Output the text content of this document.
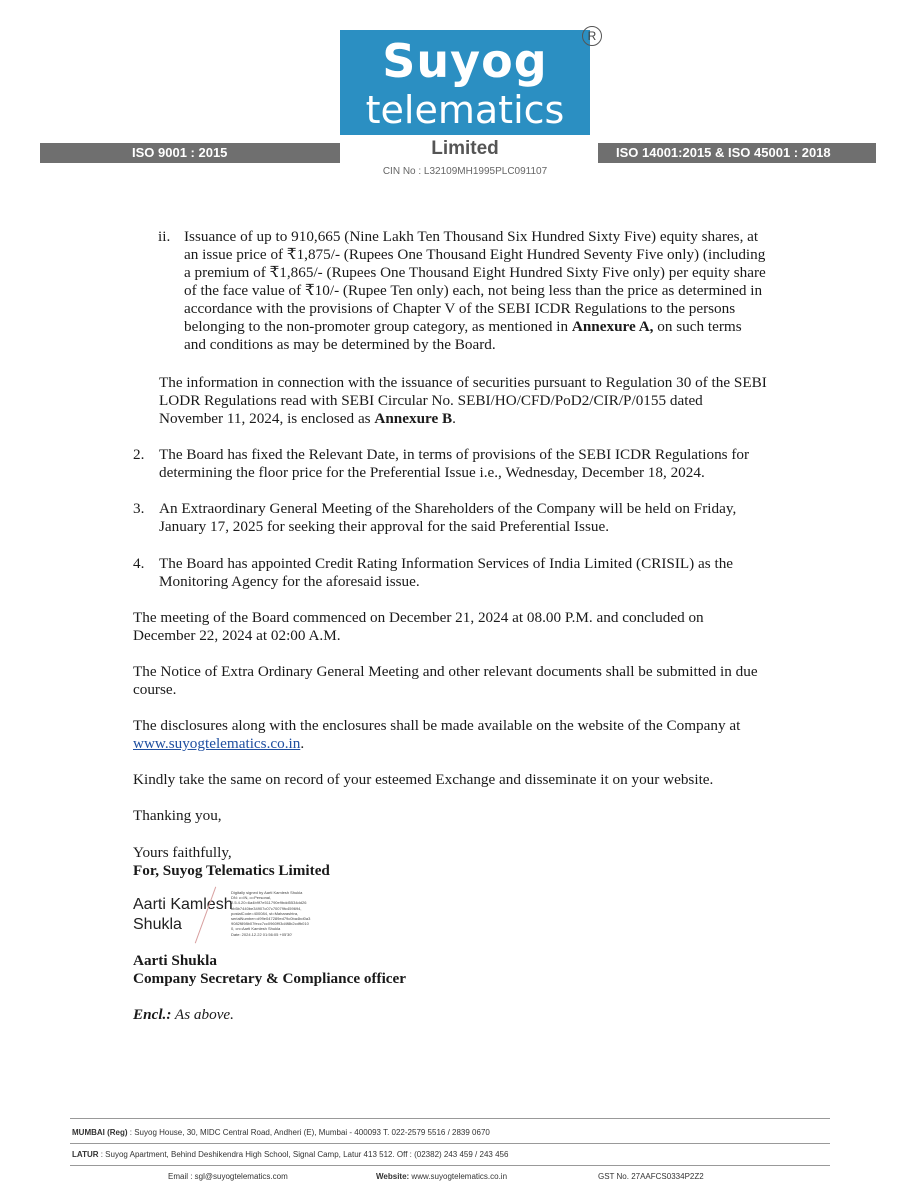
Suyog
telematics
R
ISO 9001 : 2015	ISO 14001:2015 & ISO 45001 : 2018
Limited
CIN No : L32109MH1995PLC091107
ii. Issuance of up to 910,665 (Nine Lakh Ten Thousand Six Hundred Sixty Five) equity shares, at
an issue price of ₹1,875/- (Rupees One Thousand Eight Hundred Seventy Five only) (including
a premium of ₹1,865/- (Rupees One Thousand Eight Hundred Sixty Five only) per equity share
of the face value of ₹10/- (Rupee Ten only) each, not being less than the price as determined in
accordance with the provisions of Chapter V of the SEBI ICDR Regulations to the persons
belonging to the non-promoter group category, as mentioned in Annexure A, on such terms
and conditions as may be determined by the Board.
The information in connection with the issuance of securities pursuant to Regulation 30 of the SEBI
LODR Regulations read with SEBI Circular No. SEBI/HO/CFD/PoD2/CIR/P/0155 dated
November 11, 2024, is enclosed as Annexure B.
2. The Board has fixed the Relevant Date, in terms of provisions of the SEBI ICDR Regulations for
determining the floor price for the Preferential Issue i.e., Wednesday, December 18, 2024.
3. An Extraordinary General Meeting of the Shareholders of the Company will be held on Friday,
January 17, 2025 for seeking their approval for the said Preferential Issue.
4. The Board has appointed Credit Rating Information Services of India Limited (CRISIL) as the
Monitoring Agency for the aforesaid issue.
The meeting of the Board commenced on December 21, 2024 at 08.00 P.M. and concluded on
December 22, 2024 at 02:00 A.M.
The Notice of Extra Ordinary General Meeting and other relevant documents shall be submitted in due
course.
The disclosures along with the enclosures shall be made available on the website of the Company at
www.suyogtelematics.co.in.
Kindly take the same on record of your esteemed Exchange and disseminate it on your website.
Thanking you,
Yours faithfully,
For, Suyog Telematics Limited
Aarti Kamlesh
Shukla
Digitally signed by Aarti Kamlesh Shukla
DN: c=IN, o=Personal,
2.5.4.20=6a4b9f7e511790e9bdd5534dd26
bb5b7440be34907c07c70079fc459694,
postalCode=400084, st=Maharashtra,
serialNumber=d99e047289ed79c0ba4bd0a3
9082f898b07fecc7cc0960f93d4f8b2cdfb010
0, cn=Aarti Kamlesh Shukla
Date: 2024.12.22 01:56:05 +05'30'
Aarti Shukla
Company Secretary & Compliance officer
Encl.: As above.
MUMBAI (Reg) : Suyog House, 30, MIDC Central Road, Andheri (E), Mumbai - 400093 T. 022-2579 5516 / 2839 0670
LATUR : Suyog Apartment, Behind Deshikendra High School, Signal Camp, Latur 413 512. Off : (02382) 243 459 / 243 456
Email : sgl@suyogtelematics.com	Website: www.suyogtelematics.co.in	GST No. 27AAFCS0334P2Z2
